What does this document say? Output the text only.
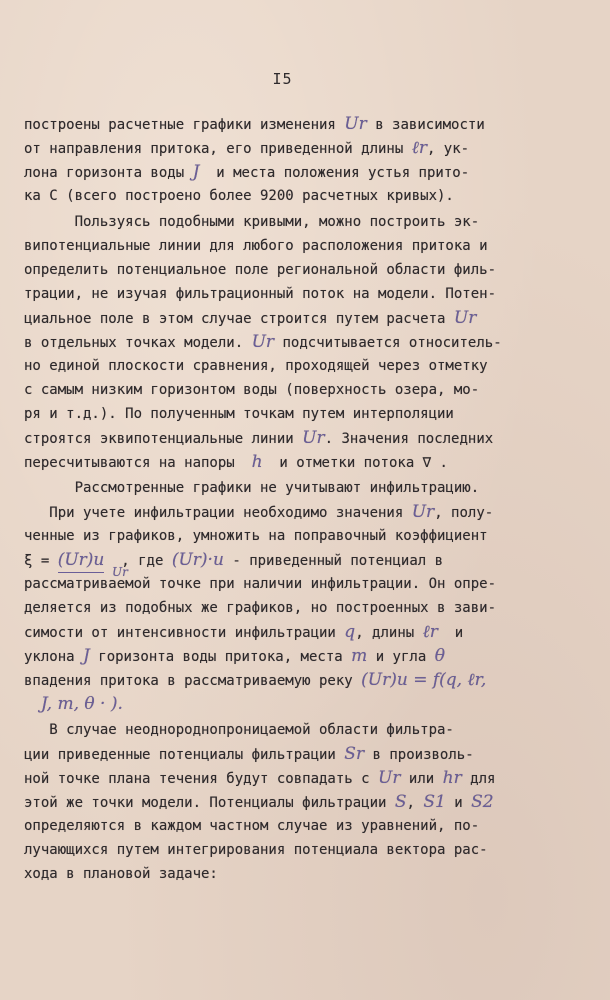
I5
построены расчетные графики изменения Ur в зависимости
от направления притока, его приведенной длины ℓr, ук-
лона горизонта воды J  и места положения устья прито-
ка С (всего построено более 9200 расчетных кривых).
Пользуясь подобными кривыми, можно построить эк-
випотенциальные линии для любого расположения притока и
определить потенциальное поле региональной области филь-
трации, не изучая фильтрационный поток на модели. Потен-
циальное поле в этом случае строится путем расчета Ur
в отдельных точках модели. Ur подсчитывается относитель-
но единой плоскости сравнения, проходящей через отметку
с самым низким горизонтом воды (поверхность озера, мо-
ря и т.д.). По полученным точкам путем интерполяции
строятся эквипотенциальные линии Ur. Значения последних
пересчитываются на напоры  h  и отметки потока ∇ .
Рассмотренные графики не учитывают инфильтрацию.
При учете инфильтрации необходимо значения Ur, полу-
ченные из графиков, умножить на поправочный коэффициент
ξ = (Ur)и  , где (Ur)·и - приведенный потенциал в
рассматриваемой точке при наличии инфильтрации. Он опре-
Ur
деляется из подобных же графиков, но построенных в зави-
симости от интенсивности инфильтрации q, длины ℓr  и
уклона J горизонта воды притока, места m и угла θ
впадения притока в рассматриваемую реку (Ur)и = f(q, ℓr,
J, m, θ · ).
В случае неоднороднопроницаемой области фильтра-
ции приведенные потенциалы фильтрации Sr в произволь-
ной точке плана течения будут совпадать с Ur или hr для
этой же точки модели. Потенциалы фильтрации S, S1 и S2
определяются в каждом частном случае из уравнений, по-
лучающихся путем интегрирования потенциала вектора рас-
хода в плановой задаче:
